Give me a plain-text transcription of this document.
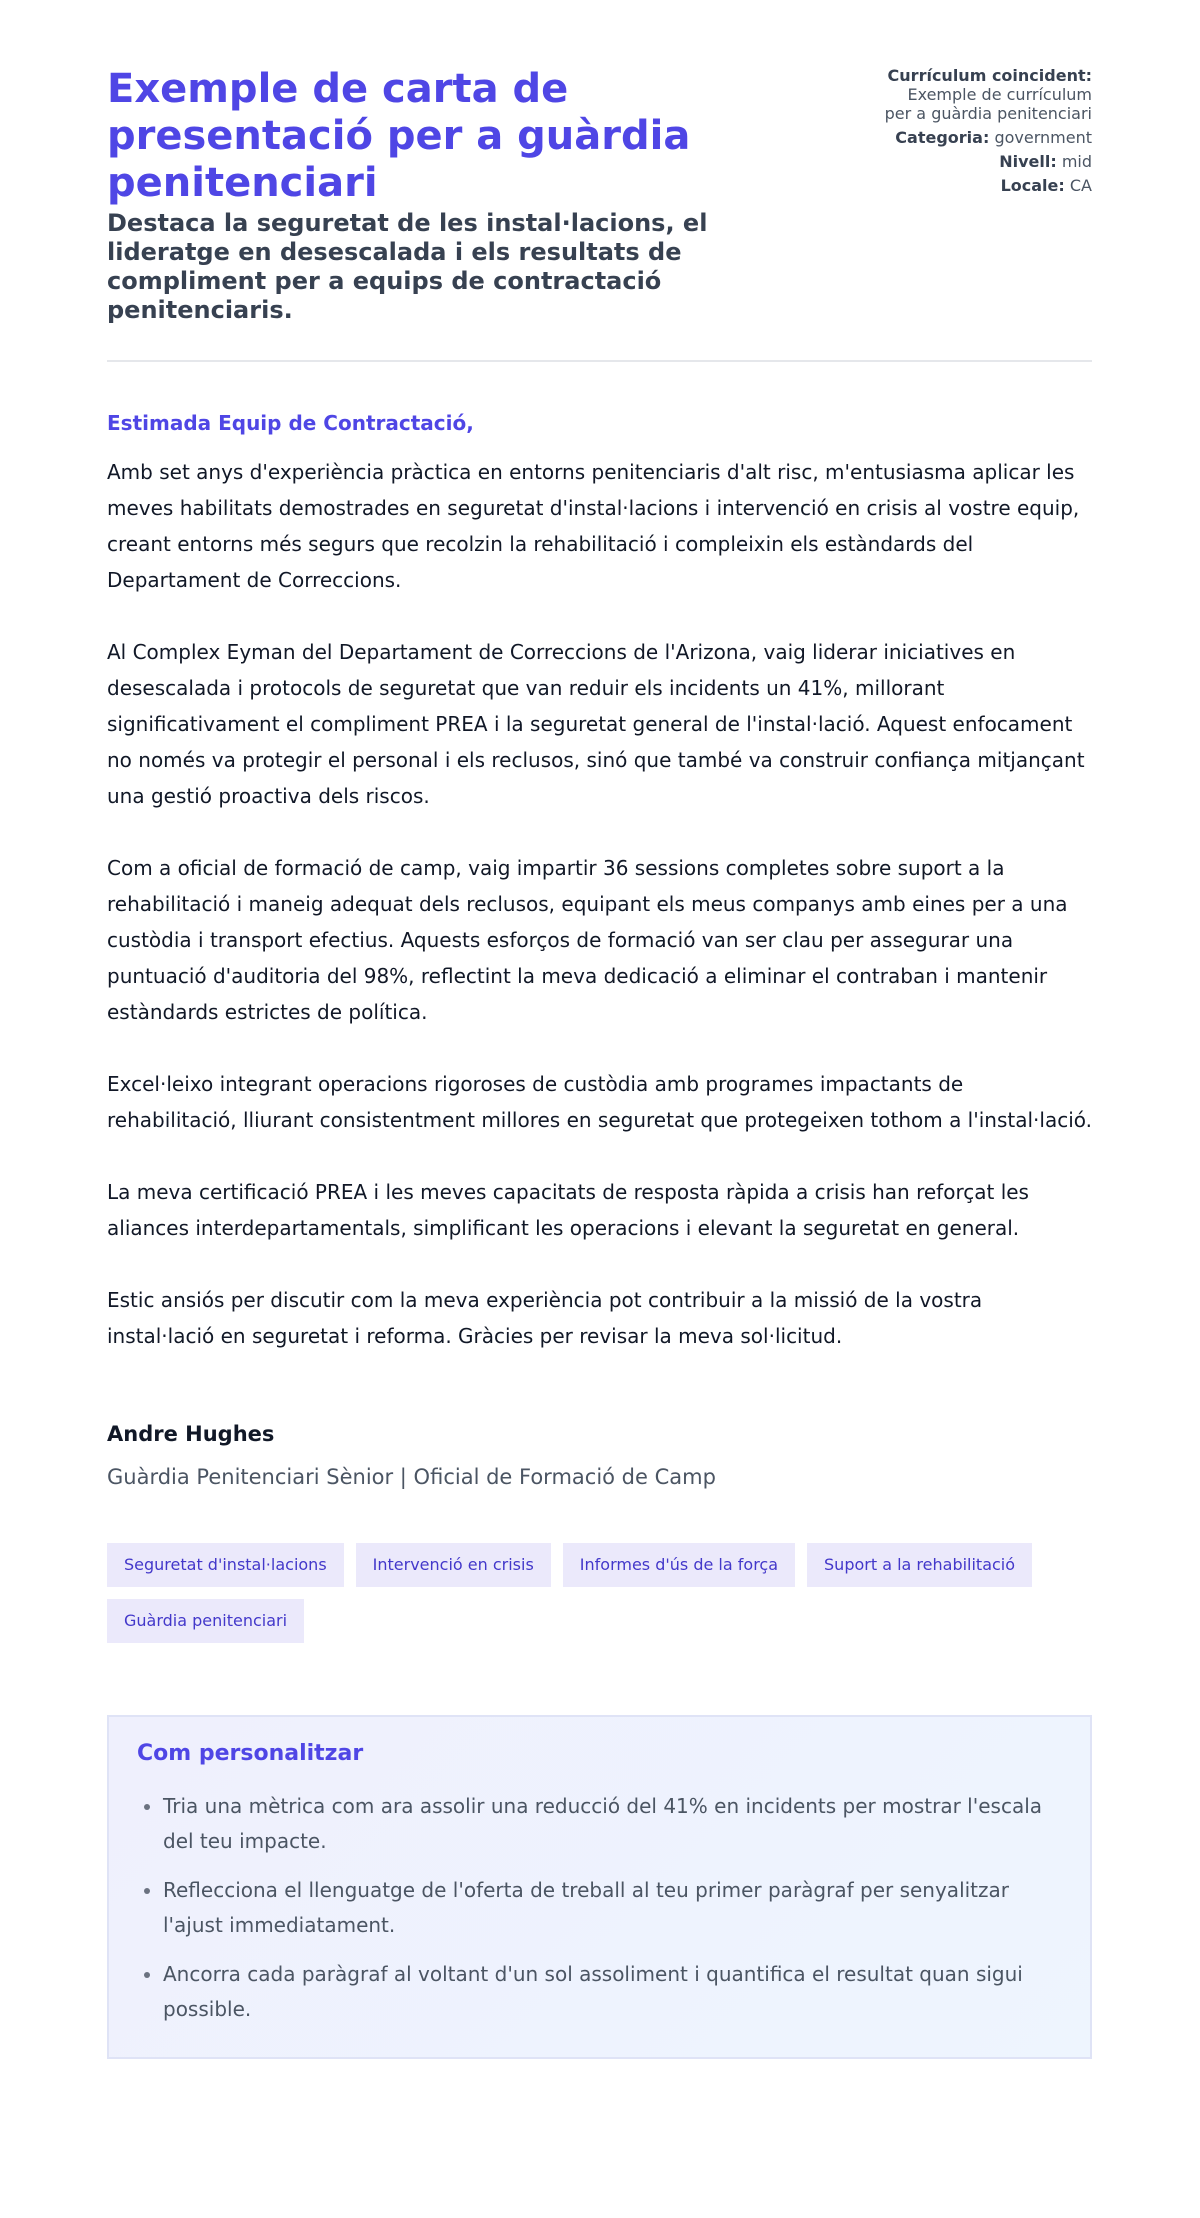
Exemple de carta de presentació per a guàrdia penitenciari
Destaca la seguretat de les instal·lacions, el lideratge en desescalada i els resultats de compliment per a equips de contractació penitenciaris.
Currículum coincident:
Exemple de currículum
per a guàrdia penitenciari
Categoria: government
Nivell: mid
Locale: CA
Estimada Equip de Contractació,

Amb set anys d'experiència pràctica en entorns penitenciaris d'alt risc, m'entusiasma aplicar les meves habilitats demostrades en seguretat d'instal·lacions i intervenció en crisis al vostre equip, creant entorns més segurs que recolzin la rehabilitació i compleixin els estàndards del Departament de Correccions.

Al Complex Eyman del Departament de Correccions de l'Arizona, vaig liderar iniciatives en desescalada i protocols de seguretat que van reduir els incidents un 41%, millorant significativament el compliment PREA i la seguretat general de l'instal·lació. Aquest enfocament no només va protegir el personal i els reclusos, sinó que també va construir confiança mitjançant una gestió proactiva dels riscos.

Com a oficial de formació de camp, vaig impartir 36 sessions completes sobre suport a la rehabilitació i maneig adequat dels reclusos, equipant els meus companys amb eines per a una custòdia i transport efectius. Aquests esforços de formació van ser clau per assegurar una puntuació d'auditoria del 98%, reflectint la meva dedicació a eliminar el contraban i mantenir estàndards estrictes de política.

Excel·leixo integrant operacions rigoroses de custòdia amb programes impactants de rehabilitació, lliurant consistentment millores en seguretat que protegeixen tothom a l'instal·lació.

La meva certificació PREA i les meves capacitats de resposta ràpida a crisis han reforçat les aliances interdepartamentals, simplificant les operacions i elevant la seguretat en general.

Estic ansiós per discutir com la meva experiència pot contribuir a la missió de la vostra instal·lació en seguretat i reforma. Gràcies per revisar la meva sol·licitud.

Andre Hughes
Guàrdia Penitenciari Sènior | Oficial de Formació de Camp
Seguretat d'instal·lacions	Intervenció en crisis	Informes d'ús de la força	Suport a la rehabilitació
Guàrdia penitenciari
Com personalitzar
• Tria una mètrica com ara assolir una reducció del 41% en incidents per mostrar l'escala del teu impacte.
• Reflecciona el llenguatge de l'oferta de treball al teu primer paràgraf per senyalitzar l'ajust immediatament.
• Ancorra cada paràgraf al voltant d'un sol assoliment i quantifica el resultat quan sigui possible.
